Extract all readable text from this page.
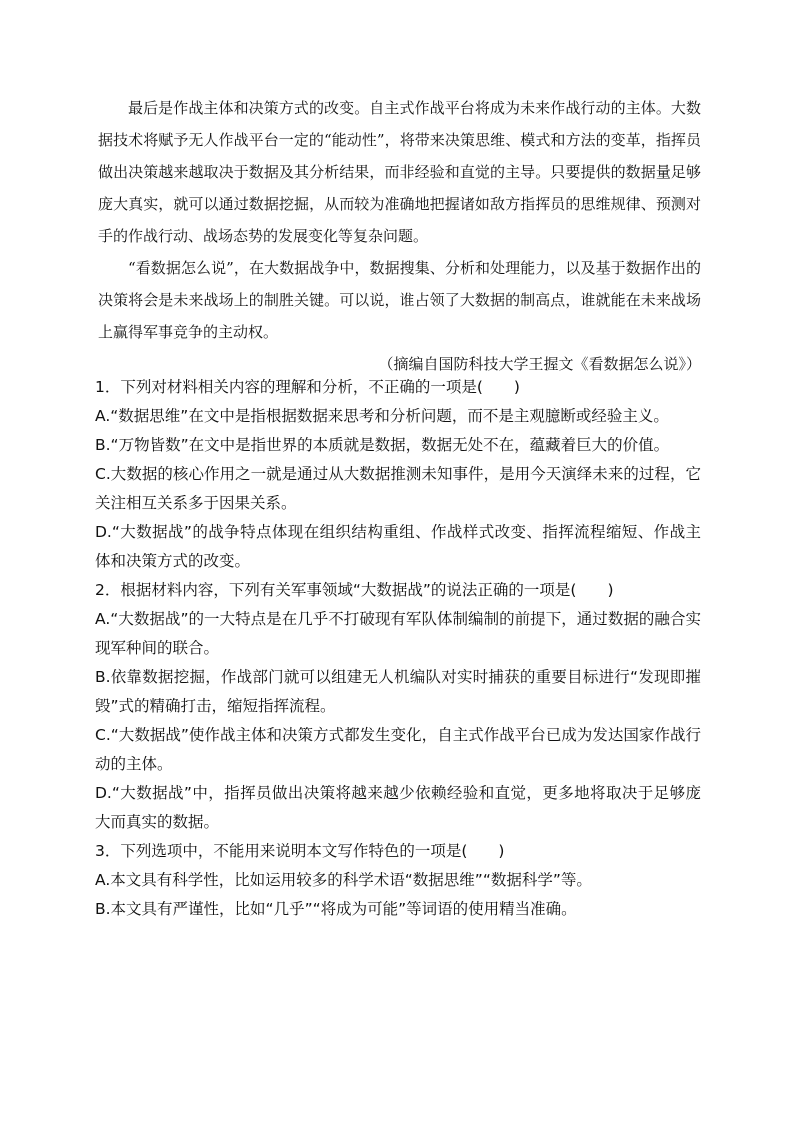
最后是作战主体和决策方式的改变。自主式作战平台将成为未来作战行动的主体。大数据技术将赋予无人作战平台一定的“能动性”，将带来决策思维、模式和方法的变革，指挥员做出决策越来越取决于数据及其分析结果，而非经验和直觉的主导。只要提供的数据量足够庞大真实，就可以通过数据挖掘，从而较为准确地把握诸如敌方指挥员的思维规律、预测对手的作战行动、战场态势的发展变化等复杂问题。

“看数据怎么说”，在大数据战争中，数据搜集、分析和处理能力，以及基于数据作出的决策将会是未来战场上的制胜关键。可以说，谁占领了大数据的制高点，谁就能在未来战场上赢得军事竞争的主动权。

（摘编自国防科技大学王握文《看数据怎么说》）

1．下列对材料相关内容的理解和分析，不正确的一项是(　　)

A.“数据思维”在文中是指根据数据来思考和分析问题，而不是主观臆断或经验主义。

B.“万物皆数”在文中是指世界的本质就是数据，数据无处不在，蕴藏着巨大的价值。

C.大数据的核心作用之一就是通过从大数据推测未知事件，是用今天演绎未来的过程，它关注相互关系多于因果关系。

D.“大数据战”的战争特点体现在组织结构重组、作战样式改变、指挥流程缩短、作战主体和决策方式的改变。

2．根据材料内容，下列有关军事领域“大数据战”的说法正确的一项是(　　)

A.“大数据战”的一大特点是在几乎不打破现有军队体制编制的前提下，通过数据的融合实现军种间的联合。

B.依靠数据挖掘，作战部门就可以组建无人机编队对实时捕获的重要目标进行“发现即摧毁”式的精确打击，缩短指挥流程。

C.“大数据战”使作战主体和决策方式都发生变化，自主式作战平台已成为发达国家作战行动的主体。

D.“大数据战”中，指挥员做出决策将越来越少依赖经验和直觉，更多地将取决于足够庞大而真实的数据。

3．下列选项中，不能用来说明本文写作特色的一项是(　　)

A.本文具有科学性，比如运用较多的科学术语“数据思维”“数据科学”等。

B.本文具有严谨性，比如“几乎”“将成为可能”等词语的使用精当准确。
